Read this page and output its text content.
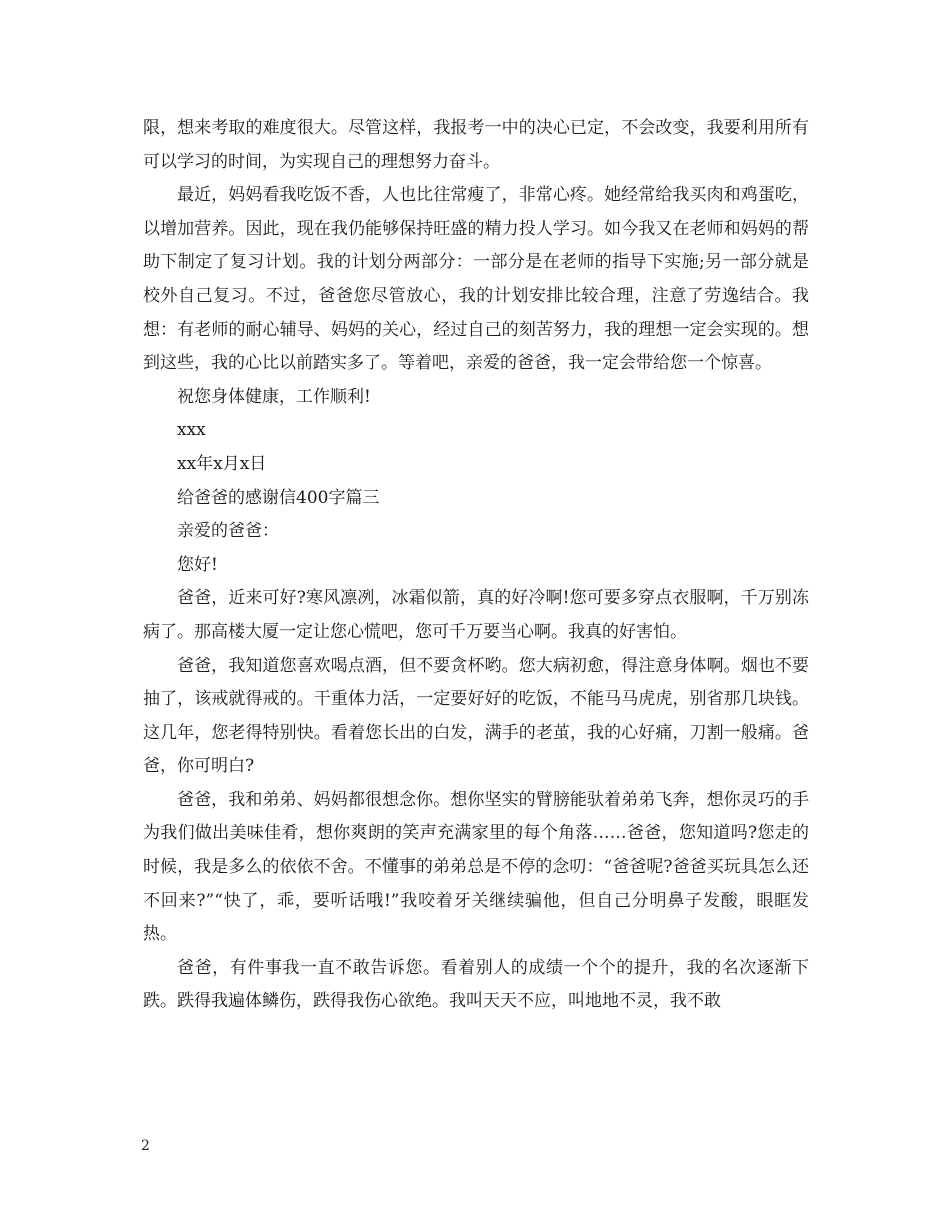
限，想来考取的难度很大。尽管这样，我报考一中的决心已定，不会改变，我要利用所有可以学习的时间，为实现自己的理想努力奋斗。

最近，妈妈看我吃饭不香，人也比往常瘦了，非常心疼。她经常给我买肉和鸡蛋吃，以增加营养。因此，现在我仍能够保持旺盛的精力投人学习。如今我又在老师和妈妈的帮助下制定了复习计划。我的计划分两部分：一部分是在老师的指导下实施;另一部分就是校外自己复习。不过，爸爸您尽管放心，我的计划安排比较合理，注意了劳逸结合。我想：有老师的耐心辅导、妈妈的关心，经过自己的刻苦努力，我的理想一定会实现的。想到这些，我的心比以前踏实多了。等着吧，亲爱的爸爸，我一定会带给您一个惊喜。

祝您身体健康，工作顺利!

xxx

xx年x月x日

给爸爸的感谢信400字篇三

亲爱的爸爸：

您好!

爸爸，近来可好?寒风凛冽，冰霜似箭，真的好冷啊!您可要多穿点衣服啊，千万别冻病了。那高楼大厦一定让您心慌吧，您可千万要当心啊。我真的好害怕。

爸爸，我知道您喜欢喝点酒，但不要贪杯哟。您大病初愈，得注意身体啊。烟也不要抽了，该戒就得戒的。干重体力活，一定要好好的吃饭，不能马马虎虎，别省那几块钱。这几年，您老得特别快。看着您长出的白发，满手的老茧，我的心好痛，刀割一般痛。爸爸，你可明白?

爸爸，我和弟弟、妈妈都很想念你。想你坚实的臂膀能驮着弟弟飞奔，想你灵巧的手为我们做出美味佳肴，想你爽朗的笑声充满家里的每个角落……爸爸，您知道吗?您走的时候，我是多么的依依不舍。不懂事的弟弟总是不停的念叨：“爸爸呢?爸爸买玩具怎么还不回来?”“快了，乖，要听话哦!”我咬着牙关继续骗他，但自己分明鼻子发酸，眼眶发热。

爸爸，有件事我一直不敢告诉您。看着别人的成绩一个个的提升，我的名次逐渐下跌。跌得我遍体鳞伤，跌得我伤心欲绝。我叫天天不应，叫地地不灵，我不敢

2
